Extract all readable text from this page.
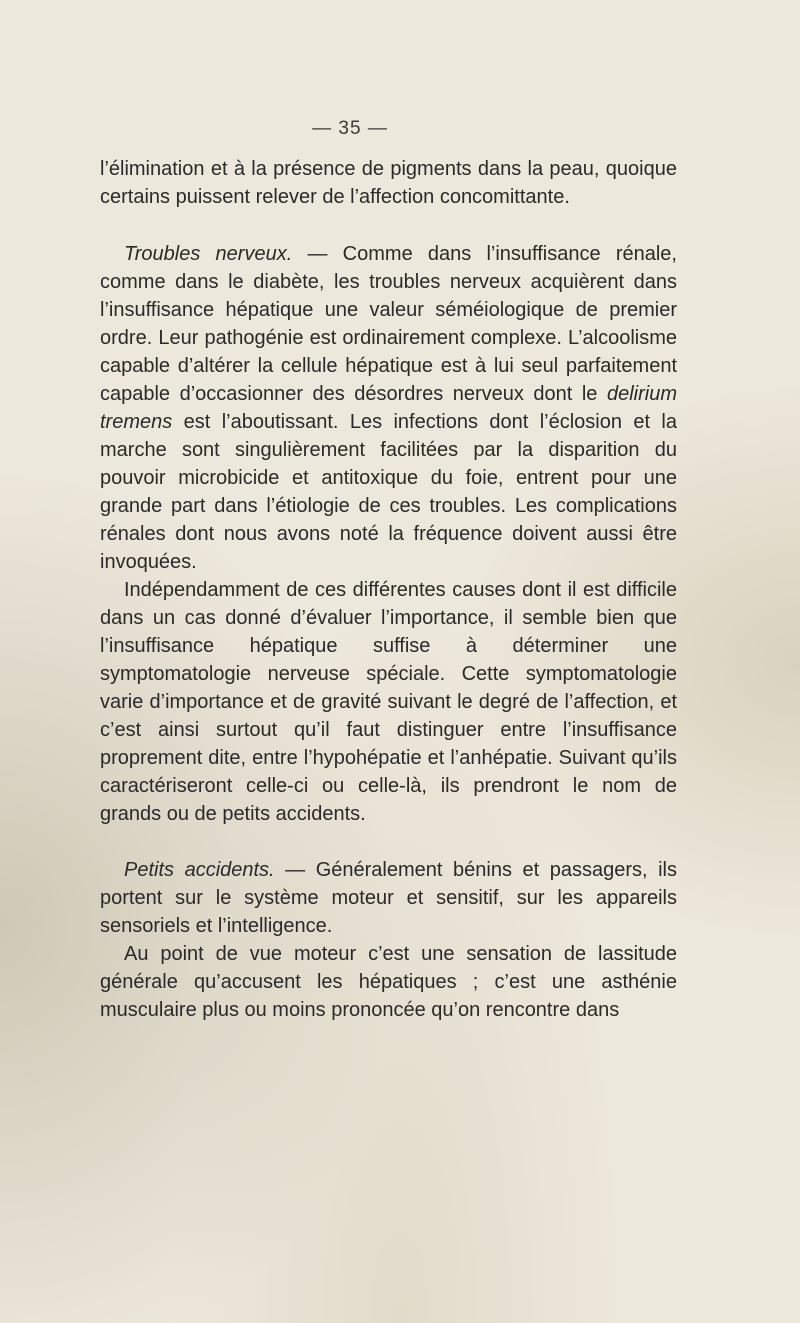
— 35 —

l’élimination et à la présence de pigments dans la peau, quoique certains puissent relever de l’affection concomittante.

Troubles nerveux. — Comme dans l’insuffisance rénale, comme dans le diabète, les troubles nerveux acquièrent dans l’insuffisance hépatique une valeur séméiologique de premier ordre. Leur pathogénie est ordinairement complexe. L’alcoolisme capable d’altérer la cellule hépatique est à lui seul parfaitement capable d’occasionner des désordres nerveux dont le delirium tremens est l’aboutissant. Les infections dont l’éclosion et la marche sont singulièrement facilitées par la disparition du pouvoir microbicide et antitoxique du foie, entrent pour une grande part dans l’étiologie de ces troubles. Les complications rénales dont nous avons noté la fréquence doivent aussi être invoquées.

Indépendamment de ces différentes causes dont il est difficile dans un cas donné d’évaluer l’importance, il semble bien que l’insuffisance hépatique suffise à déterminer une symptomatologie nerveuse spéciale. Cette symptomatologie varie d’importance et de gravité suivant le degré de l’affection, et c’est ainsi surtout qu’il faut distinguer entre l’insuffisance proprement dite, entre l’hypohépatie et l’anhépatie. Suivant qu’ils caractériseront celle-ci ou celle-là, ils prendront le nom de grands ou de petits accidents.

Petits accidents. — Généralement bénins et passagers, ils portent sur le système moteur et sensitif, sur les appareils sensoriels et l’intelligence.

Au point de vue moteur c’est une sensation de lassitude générale qu’accusent les hépatiques ; c’est une asthénie musculaire plus ou moins prononcée qu’on rencontre dans
